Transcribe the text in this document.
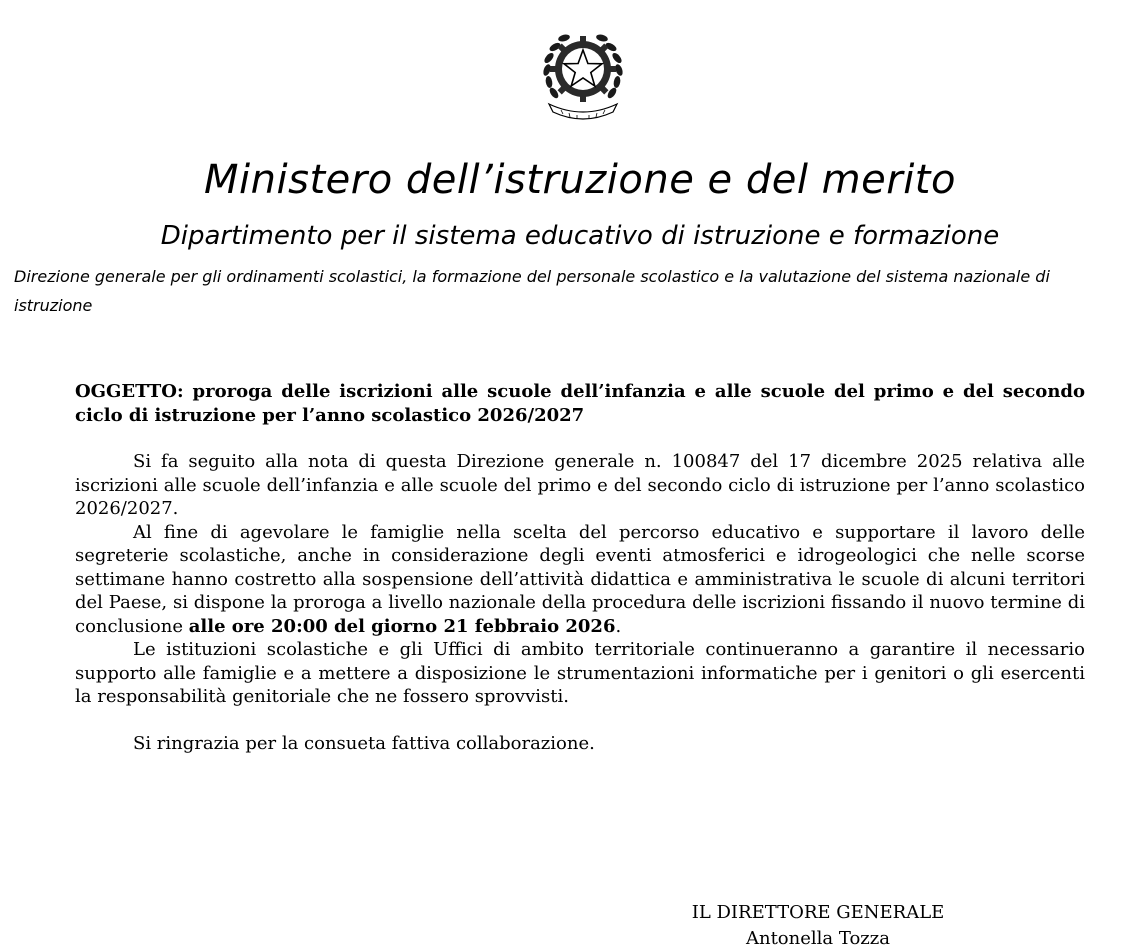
Ministero dell’istruzione e del merito
Dipartimento per il sistema educativo di istruzione e formazione
Direzione generale per gli ordinamenti scolastici, la formazione del personale scolastico e la valutazione del sistema nazionale di istruzione

OGGETTO: proroga delle iscrizioni alle scuole dell’infanzia e alle scuole del primo e del secondo ciclo di istruzione per l’anno scolastico 2026/2027

Si fa seguito alla nota di questa Direzione generale n. 100847 del 17 dicembre 2025 relativa alle iscrizioni alle scuole dell’infanzia e alle scuole del primo e del secondo ciclo di istruzione per l’anno scolastico 2026/2027.

Al fine di agevolare le famiglie nella scelta del percorso educativo e supportare il lavoro delle segreterie scolastiche, anche in considerazione degli eventi atmosferici e idrogeologici che nelle scorse settimane hanno costretto alla sospensione dell’attività didattica e amministrativa le scuole di alcuni territori del Paese, si dispone la proroga a livello nazionale della procedura delle iscrizioni fissando il nuovo termine di conclusione alle ore 20:00 del giorno 21 febbraio 2026.

Le istituzioni scolastiche e gli Uffici di ambito territoriale continueranno a garantire il necessario supporto alle famiglie e a mettere a disposizione le strumentazioni informatiche per i genitori o gli esercenti la responsabilità genitoriale che ne fossero sprovvisti.

Si ringrazia per la consueta fattiva collaborazione.

IL DIRETTORE GENERALE
Antonella Tozza
